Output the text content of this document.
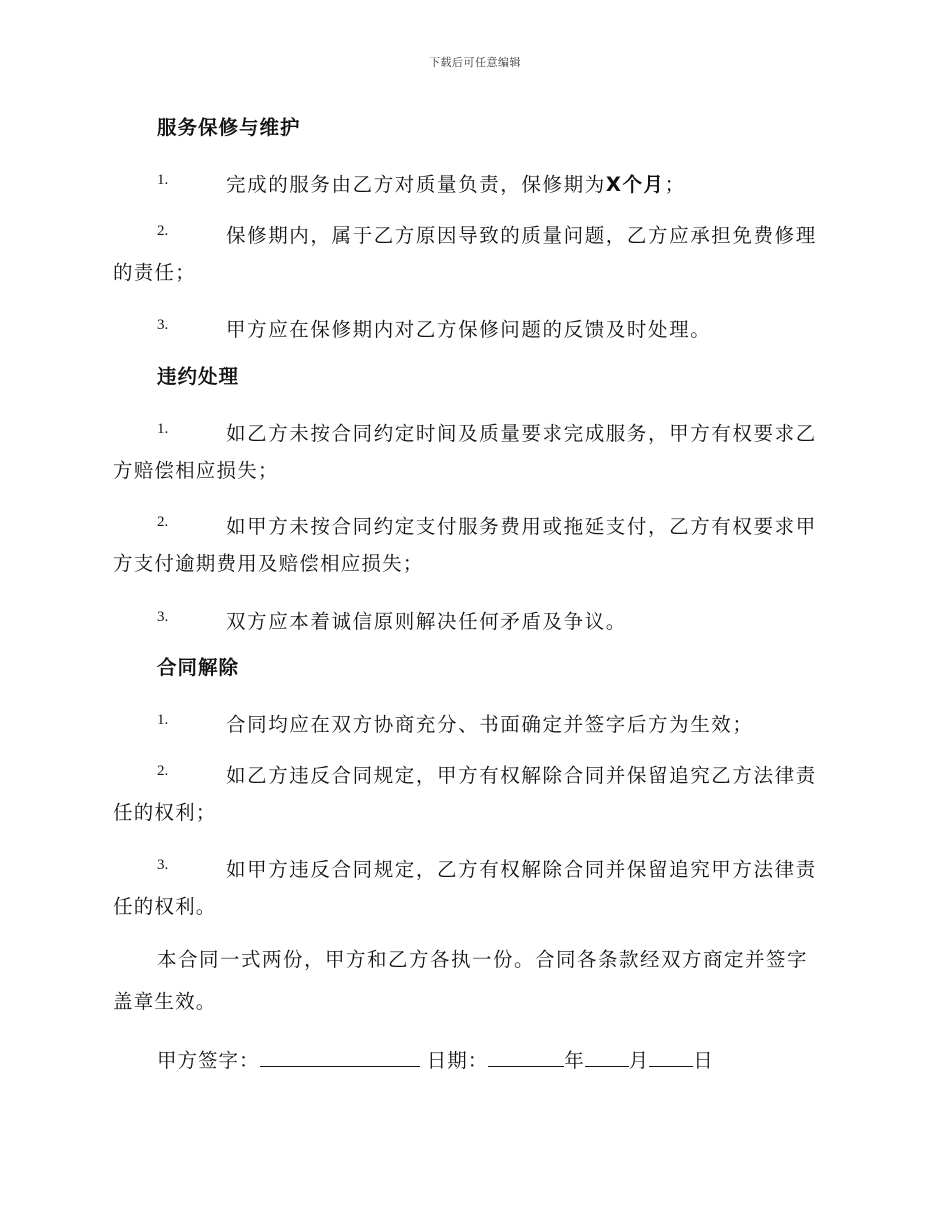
下载后可任意编辑
服务保修与维护
1.	完成的服务由乙方对质量负责，保修期为X个月；
2.	保修期内，属于乙方原因导致的质量问题，乙方应承担免费修理
的责任；
3.	甲方应在保修期内对乙方保修问题的反馈及时处理。
违约处理
1.	如乙方未按合同约定时间及质量要求完成服务，甲方有权要求乙
方赔偿相应损失；
2.	如甲方未按合同约定支付服务费用或拖延支付，乙方有权要求甲
方支付逾期费用及赔偿相应损失；
3.	双方应本着诚信原则解决任何矛盾及争议。
合同解除
1.	合同均应在双方协商充分、书面确定并签字后方为生效；
2.	如乙方违反合同规定，甲方有权解除合同并保留追究乙方法律责
任的权利；
3.	如甲方违反合同规定，乙方有权解除合同并保留追究甲方法律责
任的权利。
本合同一式两份，甲方和乙方各执一份。合同各条款经双方商定并签字
盖章生效。
甲方签字：	日期：	年 月 日
